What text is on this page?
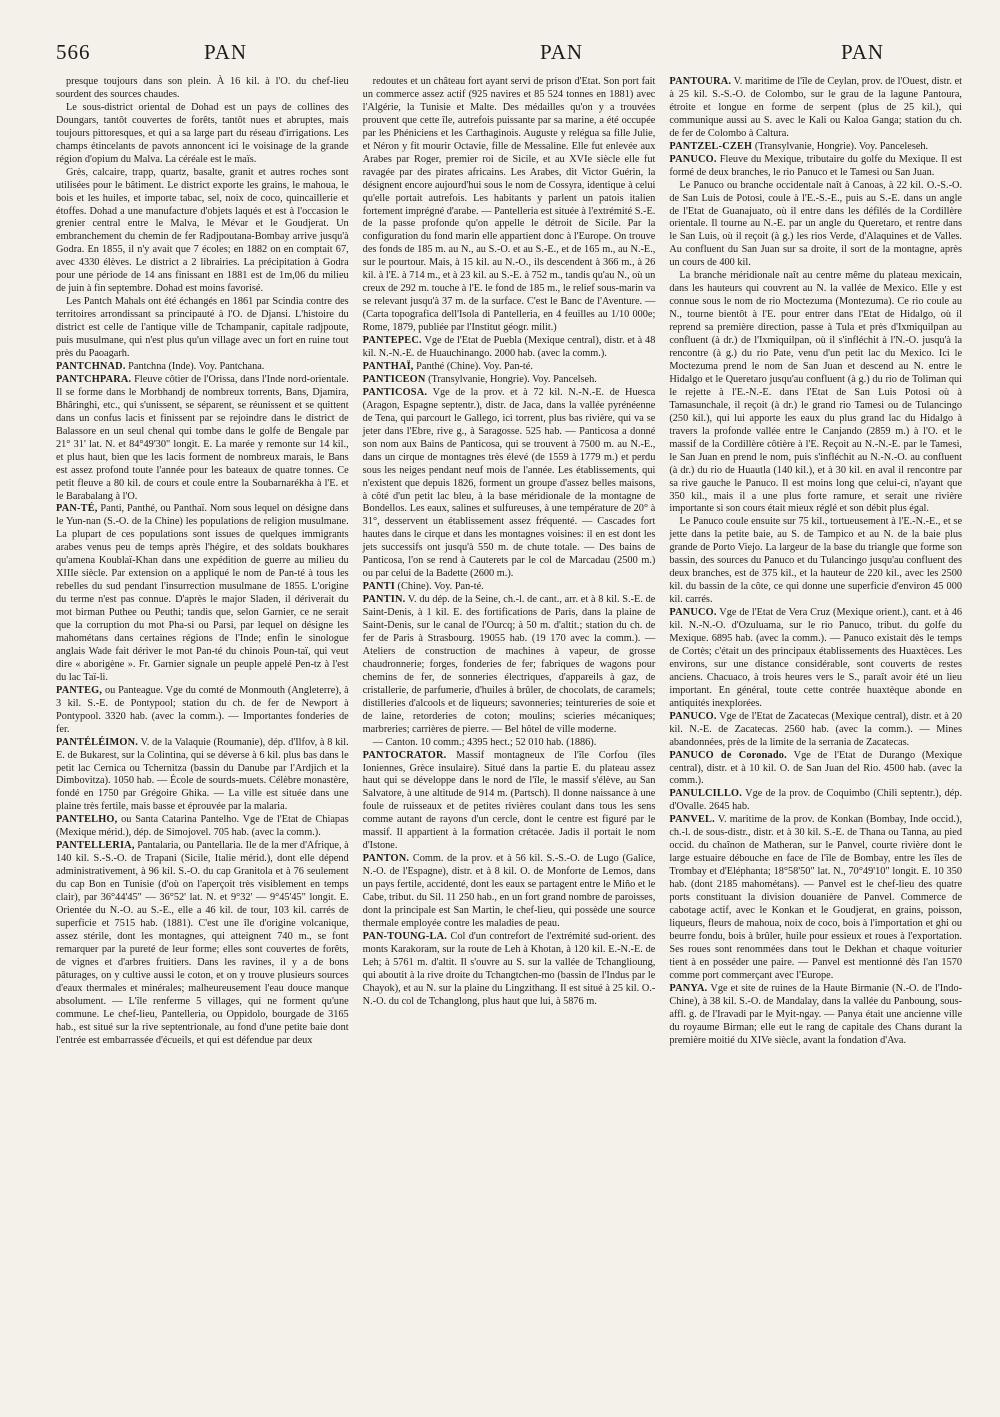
566	PAN	PAN	PAN

presque toujours dans son plein. À 16 kil. à l'O. du chef-lieu sourdent des sources chaudes.

Le sous-district oriental de Dohad est un pays de collines des Doungars, tantôt couvertes de forêts, tantôt nues et abruptes, mais toujours pittoresques, et qui a sa large part du réseau d'irrigations. Les champs étincelants de pavots annoncent ici le voisinage de la grande région d'opium du Malva. La céréale est le maïs.

Grès, calcaire, trapp, quartz, basalte, granit et autres roches sont utilisées pour le bâtiment. Le district exporte les grains, le mahoua, le bois et les huiles, et importe tabac, sel, noix de coco, quincaillerie et étoffes. Dohad a une manufacture d'objets laqués et est à l'occasion le grenier central entre le Malva, le Mévar et le Goudjerat. Un embranchement du chemin de fer Radjpoutana-Bombay arrive jusqu'à Godra. En 1855, il n'y avait que 7 écoles; en 1882 on en comptait 67, avec 4330 élèves. Le district a 2 librairies. La précipitation à Godra pour une période de 14 ans finissant en 1881 est de 1m,06 du milieu de juin à fin septembre. Dohad est moins favorisé.

Les Pantch Mahals ont été échangés en 1861 par Scindia contre des territoires arrondissant sa principauté à l'O. de Djansi. L'histoire du district est celle de l'antique ville de Tchampanir, capitale radjpoute, puis musulmane, qui n'est plus qu'un village avec un fort en ruine tout près du Paoagarh.

PANTCHNAD. Pantchna (Inde). Voy. Pantchana.

PANTCHPARA. Fleuve côtier de l'Orissa, dans l'Inde nord-orientale. Il se forme dans le Morbhandj de nombreux torrents, Bans, Djamira, Bhâringhi, etc., qui s'unissent, se séparent, se réunissent et se quittent dans un confus lacis et finissent par se rejoindre dans le district de Balassore en un seul chenal qui tombe dans le golfe de Bengale par 21° 31' lat. N. et 84°49'30" longit. E. La marée y remonte sur 14 kil., et plus haut, bien que les lacis forment de nombreux marais, le Bans est assez profond toute l'année pour les bateaux de quatre tonnes. Ce petit fleuve a 80 kil. de cours et coule entre la Soubarnarékha à l'E. et le Barabalang à l'O.

PAN-TÉ, Panti, Panthé, ou Panthaï. Nom sous lequel on désigne dans le Yun-nan (S.-O. de la Chine) les populations de religion musulmane. La plupart de ces populations sont issues de quelques immigrants arabes venus peu de temps après l'hégire, et des soldats boukhares qu'amena Koublaï-Khan dans une expédition de guerre au milieu du XIIIe siècle. Par extension on a appliqué le nom de Pan-té à tous les rebelles du sud pendant l'insurrection musulmane de 1855. L'origine du terme n'est pas connue. D'après le major Sladen, il dériverait du mot birman Puthee ou Peuthi; tandis que, selon Garnier, ce ne serait que la corruption du mot Pha-si ou Parsi, par lequel on désigne les mahométans dans certaines régions de l'Inde; enfin le sinologue anglais Wade fait dériver le mot Pan-té du chinois Poun-taï, qui veut dire « aborigène ». Fr. Garnier signale un peuple appelé Pen-tz à l'est du lac Taï-li.

PANTEG, ou Panteague. Vge du comté de Monmouth (Angleterre), à 3 kil. S.-E. de Pontypool; station du ch. de fer de Newport à Pontypool. 3320 hab. (avec la comm.). — Importantes fonderies de fer.

PANTÉLÉIMON. V. de la Valaquie (Roumanie), dép. d'Ilfov, à 8 kil. E. de Bukarest, sur la Colintina, qui se déverse à 6 kil. plus bas dans le petit lac Cernica ou Tchernitza (bassin du Danube par l'Ardjich et la Dimbovitza). 1050 hab. — École de sourds-muets. Célèbre monastère, fondé en 1750 par Grégoire Ghika. — La ville est située dans une plaine très fertile, mais basse et éprouvée par la malaria.

PANTELHO, ou Santa Catarina Pantelho. Vge de l'Etat de Chiapas (Mexique mérid.), dép. de Simojovel. 705 hab. (avec la comm.).

PANTELLERIA, Pantalaria, ou Pantellaria. Ile de la mer d'Afrique, à 140 kil. S.-S.-O. de Trapani (Sicile, Italie mérid.), dont elle dépend administrativement, à 96 kil. S.-O. du cap Granitola et à 76 seulement du cap Bon en Tunisie (d'où on l'aperçoit très visiblement en temps clair), par 36°44'45" — 36°52' lat. N. et 9°32' — 9°45'45" longit. E. Orientée du N.-O. au S.-E., elle a 46 kil. de tour, 103 kil. carrés de superficie et 7515 hab. (1881). C'est une île d'origine volcanique, assez stérile, dont les montagnes, qui atteignent 740 m., se font remarquer par la pureté de leur forme; elles sont couvertes de forêts, de vignes et d'arbres fruitiers. Dans les ravines, il y a de bons pâturages, on y cultive aussi le coton, et on y trouve plusieurs sources d'eaux thermales et minérales; malheureusement l'eau douce manque absolument. — L'île renferme 5 villages, qui ne forment qu'une commune. Le chef-lieu, Pantelleria, ou Oppidolo, bourgade de 3165 hab., est situé sur la rive septentrionale, au fond d'une petite baie dont l'entrée est embarrassée d'écueils, et qui est défendue par deux

redoutes et un château fort ayant servi de prison d'Etat. Son port fait un commerce assez actif (925 navires et 85 524 tonnes en 1881) avec l'Algérie, la Tunisie et Malte. Des médailles qu'on y a trouvées prouvent que cette île, autrefois puissante par sa marine, a été occupée par les Phéniciens et les Carthaginois. Auguste y relégua sa fille Julie, et Néron y fit mourir Octavie, fille de Messaline. Elle fut enlevée aux Arabes par Roger, premier roi de Sicile, et au XVIe siècle elle fut ravagée par des pirates africains. Les Arabes, dit Victor Guérin, la désignent encore aujourd'hui sous le nom de Cossyra, identique à celui qu'elle portait autrefois. Les habitants y parlent un patois italien fortement imprégné d'arabe. — Pantelleria est située à l'extrémité S.-E. de la passe profonde qu'on appelle le détroit de Sicile. Par la configuration du fond marin elle appartient donc à l'Europe. On trouve des fonds de 185 m. au N., au S.-O. et au S.-E., et de 165 m., au N.-E., sur le pourtour. Mais, à 15 kil. au N.-O., ils descendent à 366 m., à 26 kil. à l'E. à 714 m., et à 23 kil. au S.-E. à 752 m., tandis qu'au N., où un creux de 292 m. touche à l'E. le fond de 185 m., le relief sous-marin va se relevant jusqu'à 37 m. de la surface. C'est le Banc de l'Aventure. — (Carta topografica dell'Isola di Pantelleria, en 4 feuilles au 1/10 000e; Rome, 1879, publiée par l'Institut géogr. milit.)

PANTEPEC. Vge de l'Etat de Puebla (Mexique central), distr. et à 48 kil. N.-N.-E. de Huauchinango. 2000 hab. (avec la comm.).

PANTHAÏ, Panthé (Chine). Voy. Pan-té.

PANTICEON (Transylvanie, Hongrie). Voy. Pancelseh.

PANTICOSA. Vge de la prov. et à 72 kil. N.-N.-E. de Huesca (Aragon, Espagne septentr.), distr. de Jaca, dans la vallée pyrénéenne de Tena, qui parcourt le Gallego, ici torrent, plus bas rivière, qui va se jeter dans l'Ebre, rive g., à Saragosse. 525 hab. — Panticosa a donné son nom aux Bains de Panticosa, qui se trouvent à 7500 m. au N.-E., dans un cirque de montagnes très élevé (de 1559 à 1779 m.) et perdu sous les neiges pendant neuf mois de l'année. Les établissements, qui n'existent que depuis 1826, forment un groupe d'assez belles maisons, à côté d'un petit lac bleu, à la base méridionale de la montagne de Bondellos. Les eaux, salines et sulfureuses, à une température de 20° à 31°, desservent un établissement assez fréquenté. — Cascades fort hautes dans le cirque et dans les montagnes voisines: il en est dont les jets successifs ont jusqu'à 550 m. de chute totale. — Des bains de Panticosa, l'on se rend à Cauterets par le col de Marcadau (2500 m.) ou par celui de la Badette (2600 m.).

PANTI (Chine). Voy. Pan-té.

PANTIN. V. du dép. de la Seine, ch.-l. de cant., arr. et à 8 kil. S.-E. de Saint-Denis, à 1 kil. E. des fortifications de Paris, dans la plaine de Saint-Denis, sur le canal de l'Ourcq; à 50 m. d'altit.; station du ch. de fer de Paris à Strasbourg. 19055 hab. (19 170 avec la comm.). — Ateliers de construction de machines à vapeur, de grosse chaudronnerie; forges, fonderies de fer; fabriques de wagons pour chemins de fer, de sonneries électriques, d'appareils à gaz, de cristallerie, de parfumerie, d'huiles à brûler, de chocolats, de caramels; distilleries d'alcools et de liqueurs; savonneries; teintureries de soie et de laine, retorderies de coton; moulins; scieries mécaniques; marbreries; carrières de pierre. — Bel hôtel de ville moderne.

— Canton. 10 comm.; 4395 hect.; 52 010 hab. (1886).

PANTOCRATOR. Massif montagneux de l'île Corfou (îles Ioniennes, Grèce insulaire). Situé dans la partie E. du plateau assez haut qui se développe dans le nord de l'île, le massif s'élève, au San Salvatore, à une altitude de 914 m. (Partsch). Il donne naissance à une foule de ruisseaux et de petites rivières coulant dans tous les sens comme autant de rayons d'un cercle, dont le centre est figuré par le massif. Il appartient à la formation crétacée. Jadis il portait le nom d'Istone.

PANTON. Comm. de la prov. et à 56 kil. S.-S.-O. de Lugo (Galice, N.-O. de l'Espagne), distr. et à 8 kil. O. de Monforte de Lemos, dans un pays fertile, accidenté, dont les eaux se partagent entre le Miño et le Cabe, tribut. du Sil. 11 250 hab., en un fort grand nombre de paroisses, dont la principale est San Martin, le chef-lieu, qui possède une source thermale employée contre les maladies de peau.

PAN-TOUNG-LA. Col d'un contrefort de l'extrémité sud-orient. des monts Karakoram, sur la route de Leh à Khotan, à 120 kil. E.-N.-E. de Leh; à 5761 m. d'altit. Il s'ouvre au S. sur la vallée de Tchanglioung, qui aboutit à la rive droite du Tchangtchen-mo (bassin de l'Indus par le Chayok), et au N. sur la plaine du Lingzithang. Il est situé à 25 kil. O.-N.-O. du col de Tchanglong, plus haut que lui, à 5876 m.

PANTOURA. V. maritime de l'île de Ceylan, prov. de l'Ouest, distr. et à 25 kil. S.-S.-O. de Colombo, sur le grau de la lagune Pantoura, étroite et longue en forme de serpent (plus de 25 kil.), qui communique aussi au S. avec le Kali ou Kaloa Ganga; station du ch. de fer de Colombo à Caltura.

PANTZEL-CZEH (Transylvanie, Hongrie). Voy. Panceleseh.

PANUCO. Fleuve du Mexique, tributaire du golfe du Mexique. Il est formé de deux branches, le rio Panuco et le Tamesi ou San Juan.

Le Panuco ou branche occidentale naît à Canoas, à 22 kil. O.-S.-O. de San Luis de Potosi, coule à l'E.-S.-E., puis au S.-E. dans un angle de l'Etat de Guanajuato, où il entre dans les défilés de la Cordillère orientale. Il tourne au N.-E. par un angle du Queretaro, et rentre dans le San Luis, où il reçoit (à g.) les rios Verde, d'Alaquines et de Valles. Au confluent du San Juan sur sa droite, il sort de la montagne, après un cours de 400 kil.

La branche méridionale naît au centre même du plateau mexicain, dans les hauteurs qui couvrent au N. la vallée de Mexico. Elle y est connue sous le nom de rio Moctezuma (Montezuma). Ce rio coule au N., tourne bientôt à l'E. pour entrer dans l'Etat de Hidalgo, où il reprend sa première direction, passe à Tula et près d'Ixmiquilpan au confluent (à dr.) de l'Ixmiquilpan, où il s'infléchit à l'N.-O. jusqu'à la rencontre (à g.) du rio Pate, venu d'un petit lac du Mexico. Ici le Moctezuma prend le nom de San Juan et descend au N. entre le Hidalgo et le Queretaro jusqu'au confluent (à g.) du rio de Toliman qui le rejette à l'E.-N.-E. dans l'Etat de San Luis Potosi où à Tamasunchale, il reçoit (à dr.) le grand rio Tamesi ou de Tulancingo (250 kil.), qui lui apporte les eaux du plus grand lac du Hidalgo à travers la profonde vallée entre le Canjando (2859 m.) à l'O. et le massif de la Cordillère côtière à l'E. Reçoit au N.-N.-E. par le Tamesi, le San Juan en prend le nom, puis s'infléchit au N.-N.-O. au confluent (à dr.) du rio de Huautla (140 kil.), et à 30 kil. en aval il rencontre par sa rive gauche le Panuco. Il est moins long que celui-ci, n'ayant que 350 kil., mais il a une plus forte ramure, et serait une rivière importante si son cours était mieux réglé et son débit plus égal.

Le Panuco coule ensuite sur 75 kil., tortueusement à l'E.-N.-E., et se jette dans la petite baie, au S. de Tampico et au N. de la baie plus grande de Porto Viejo. La largeur de la base du triangle que forme son bassin, des sources du Panuco et du Tulancingo jusqu'au confluent des deux branches, est de 375 kil., et la hauteur de 220 kil., avec les 2500 kil. du bassin de la côte, ce qui donne une superficie d'environ 45 000 kil. carrés.

PANUCO. Vge de l'Etat de Vera Cruz (Mexique orient.), cant. et à 46 kil. N.-N.-O. d'Ozuluama, sur le rio Panuco, tribut. du golfe du Mexique. 6895 hab. (avec la comm.). — Panuco existait dès le temps de Cortès; c'était un des principaux établissements des Huaxtèces. Les environs, sur une distance considérable, sont couverts de restes anciens. Chacuaco, à trois heures vers le S., paraît avoir été un lieu important. En général, toute cette contrée huaxtèque abonde en antiquités inexplorées.

PANUCO. Vge de l'Etat de Zacatecas (Mexique central), distr. et à 20 kil. N.-E. de Zacatecas. 2560 hab. (avec la comm.). — Mines abandonnées, près de la limite de la serrania de Zacatecas.

PANUCO de Coronado. Vge de l'Etat de Durango (Mexique central), distr. et à 10 kil. O. de San Juan del Rio. 4500 hab. (avec la comm.).

PANULCILLO. Vge de la prov. de Coquimbo (Chili septentr.), dép. d'Ovalle. 2645 hab.

PANVEL. V. maritime de la prov. de Konkan (Bombay, Inde occid.), ch.-l. de sous-distr., distr. et à 30 kil. S.-E. de Thana ou Tanna, au pied occid. du chaînon de Matheran, sur le Panvel, courte rivière dont le large estuaire débouche en face de l'île de Bombay, entre les îles de Trombay et d'Eléphanta; 18°58'50" lat. N., 70°49'10" longit. E. 10 350 hab. (dont 2185 mahométans). — Panvel est le chef-lieu des quatre ports constituant la division douanière de Panvel. Commerce de cabotage actif, avec le Konkan et le Goudjerat, en grains, poisson, liqueurs, fleurs de mahoua, noix de coco, bois à l'importation et ghi ou beurre fondu, bois à brûler, huile pour essieux et roues à l'exportation. Ses roues sont renommées dans tout le Dekhan et chaque voiturier tient à en posséder une paire. — Panvel est mentionné dès l'an 1570 comme port commerçant avec l'Europe.

PANYA. Vge et site de ruines de la Haute Birmanie (N.-O. de l'Indo-Chine), à 38 kil. S.-O. de Mandalay, dans la vallée du Panboung, sous-affl. g. de l'Iravadi par le Myit-ngay. — Panya était une ancienne ville du royaume Birman; elle eut le rang de capitale des Chans durant la première moitié du XIVe siècle, avant la fondation d'Ava.
